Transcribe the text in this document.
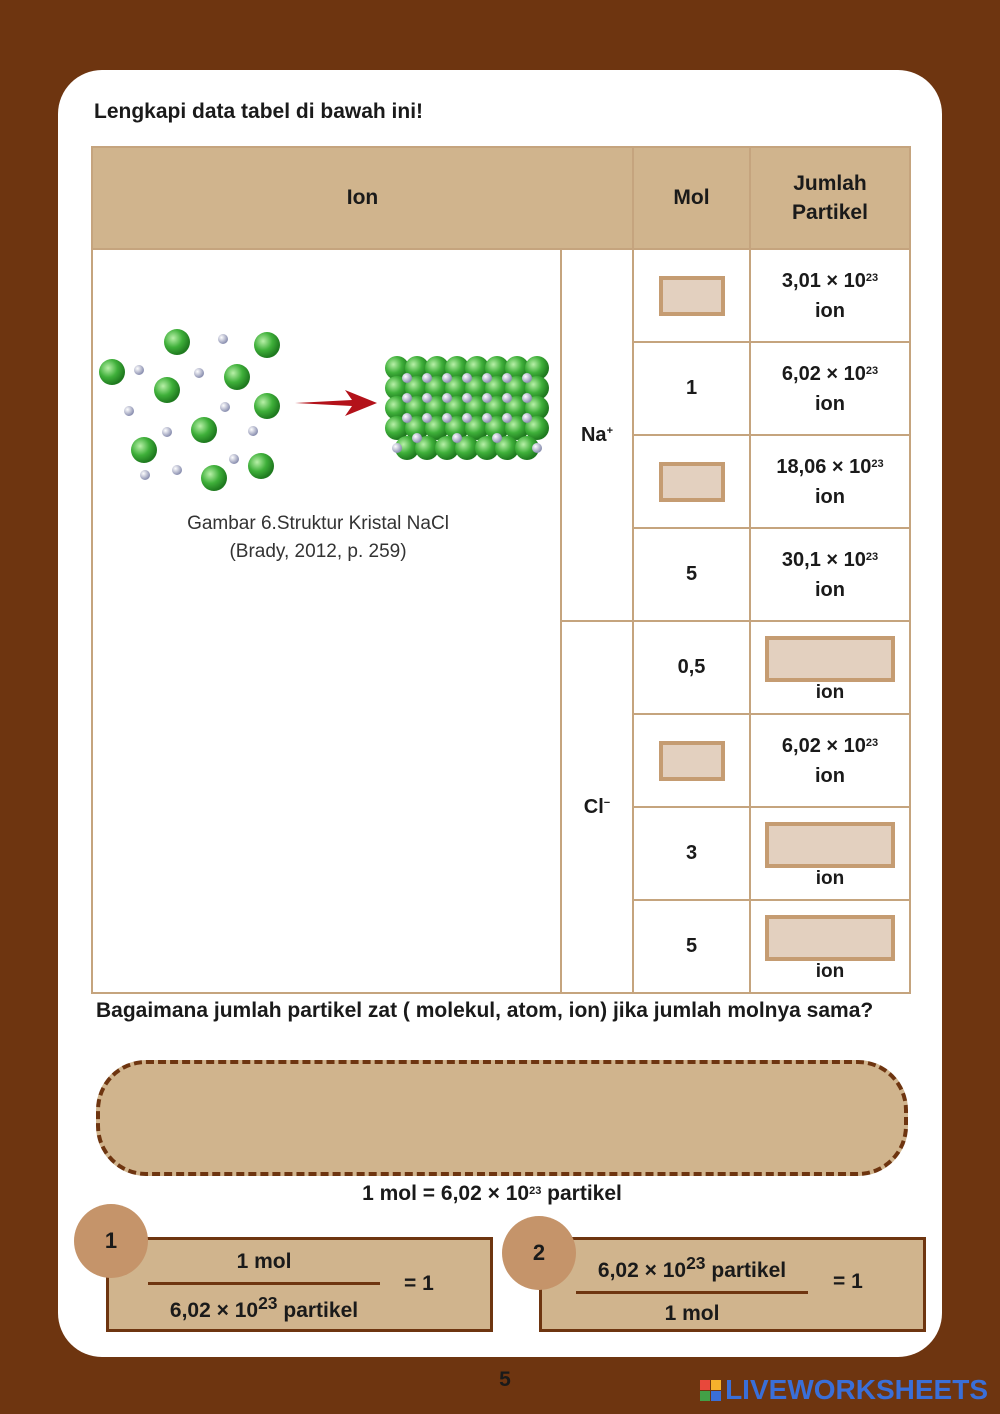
Lengkapi data tabel di bawah ini!
Ion		Mol	Jumlah
Partikel

Gambar 6.Struktur Kristal NaCl
(Brady, 2012, p. 259)	Na+		$3,01 \times 10^{23}$
ion
		1	$6,02 \times 10^{23}$
ion
			$18,06 \times 10^{23}$
ion
		5	$30,1 \times 10^{23}$
ion
	Cl−	0,5	ion

			$6,02 \times 10^{23}$
ion
		3	ion

		5	ion
Bagaimana jumlah partikel zat ( molekul, atom, ion) jika jumlah molnya sama?
1 mol = $6,02 \times 10^{23}$ partikel
1
1 mol
$6,02 \times 10^{23}$ partikel
= 1
2
$6,02 \times 10^{23}$ partikel
1 mol
= 1
5	LIVEWORKSHEETS
